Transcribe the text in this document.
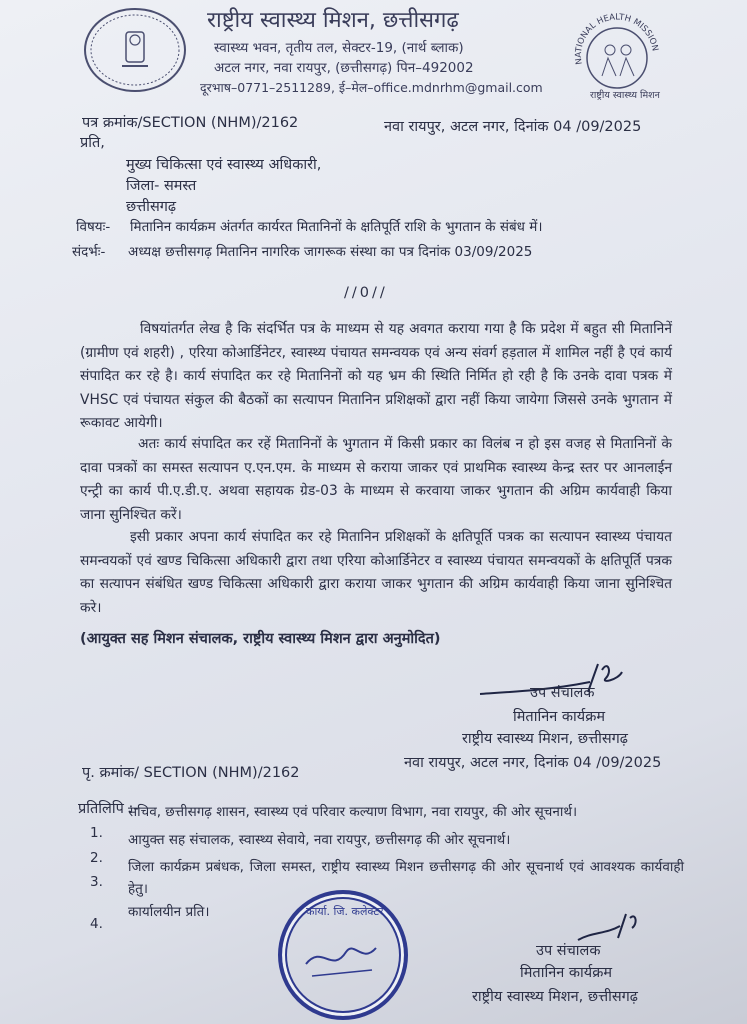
राष्ट्रीय स्वास्थ्य मिशन, छत्तीसगढ़
स्वास्थ्य भवन, तृतीय तल, सेक्टर-19, (नार्थ ब्लाक)
अटल नगर, नवा रायपुर, (छत्तीसगढ़) पिन–492002
दूरभाष–0771–2511289, ई–मेल–office.mdnrhm@gmail.com
NATIONAL HEALTH MISSION
राष्ट्रीय स्वास्थ्य मिशन
पत्र क्रमांक/SECTION (NHM)/2162	नवा रायपुर, अटल नगर, दिनांक 04 /09/2025
प्रति,
मुख्य चिकित्सा एवं स्वास्थ्य अधिकारी,
जिला- समस्त
छत्तीसगढ़
विषयः- मितानिन कार्यक्रम अंतर्गत कार्यरत मितानिनों के क्षतिपूर्ति राशि के भुगतान के संबंध में।
संदर्भः- अध्यक्ष छत्तीसगढ़ मितानिन नागरिक जागरूक संस्था का पत्र दिनांक 03/09/2025
//0//
विषयांतर्गत लेख है कि संदर्भित पत्र के माध्यम से यह अवगत कराया गया है कि प्रदेश में बहुत सी मितानिनें (ग्रामीण एवं शहरी) , एरिया कोआर्डिनेटर, स्वास्थ्य पंचायत समन्वयक एवं अन्य संवर्ग हड़ताल में शामिल नहीं है एवं कार्य संपादित कर रहे है। कार्य संपादित कर रहे मितानिनों को यह भ्रम की स्थिति निर्मित हो रही है कि उनके दावा पत्रक में VHSC एवं पंचायत संकुल की बैठकों का सत्यापन मितानिन प्रशिक्षकों द्वारा नहीं किया जायेगा जिससे उनके भुगतान में रूकावट आयेगी।
अतः कार्य संपादित कर रहें मितानिनों के भुगतान में किसी प्रकार का विलंब न हो इस वजह से मितानिनों के दावा पत्रकों का समस्त सत्यापन ए.एन.एम. के माध्यम से कराया जाकर एवं प्राथमिक स्वास्थ्य केन्द्र स्तर पर आनलाईन एन्ट्री का कार्य पी.ए.डी.ए. अथवा सहायक ग्रेड-03 के माध्यम से करवाया जाकर भुगतान की अग्रिम कार्यवाही किया जाना सुनिश्चित करें।
इसी प्रकार अपना कार्य संपादित कर रहे मितानिन प्रशिक्षकों के क्षतिपूर्ति पत्रक का सत्यापन स्वास्थ्य पंचायत समन्वयकों एवं खण्ड चिकित्सा अधिकारी द्वारा तथा एरिया कोआर्डिनेटर व स्वास्थ्य पंचायत समन्वयकों के क्षतिपूर्ति पत्रक का सत्यापन संबंधित खण्ड चिकित्सा अधिकारी द्वारा कराया जाकर भुगतान की अग्रिम कार्यवाही किया जाना सुनिश्चित करे।
(आयुक्त सह मिशन संचालक, राष्ट्रीय स्वास्थ्य मिशन द्वारा अनुमोदित)
उप संचालक
मितानिन कार्यक्रम
राष्ट्रीय स्वास्थ्य मिशन, छत्तीसगढ़
पृ. क्रमांक/ SECTION (NHM)/2162
नवा रायपुर, अटल नगर, दिनांक 04 /09/2025
प्रतिलिपि :-
1.
सचिव, छत्तीसगढ़ शासन, स्वास्थ्य एवं परिवार कल्याण विभाग, नवा रायपुर, की ओर सूचनार्थ।
2.
आयुक्त सह संचालक, स्वास्थ्य सेवाये, नवा रायपुर, छत्तीसगढ़ की ओर सूचनार्थ।
3.
जिला कार्यक्रम प्रबंधक, जिला समस्त, राष्ट्रीय स्वास्थ्य मिशन छत्तीसगढ़ की ओर सूचनार्थ एवं आवश्यक कार्यवाही हेतु।
4.
कार्यालयीन प्रति।	कार्या. जि. कलेक्टर
उप संचालक
मितानिन कार्यक्रम
राष्ट्रीय स्वास्थ्य मिशन, छत्तीसगढ़
